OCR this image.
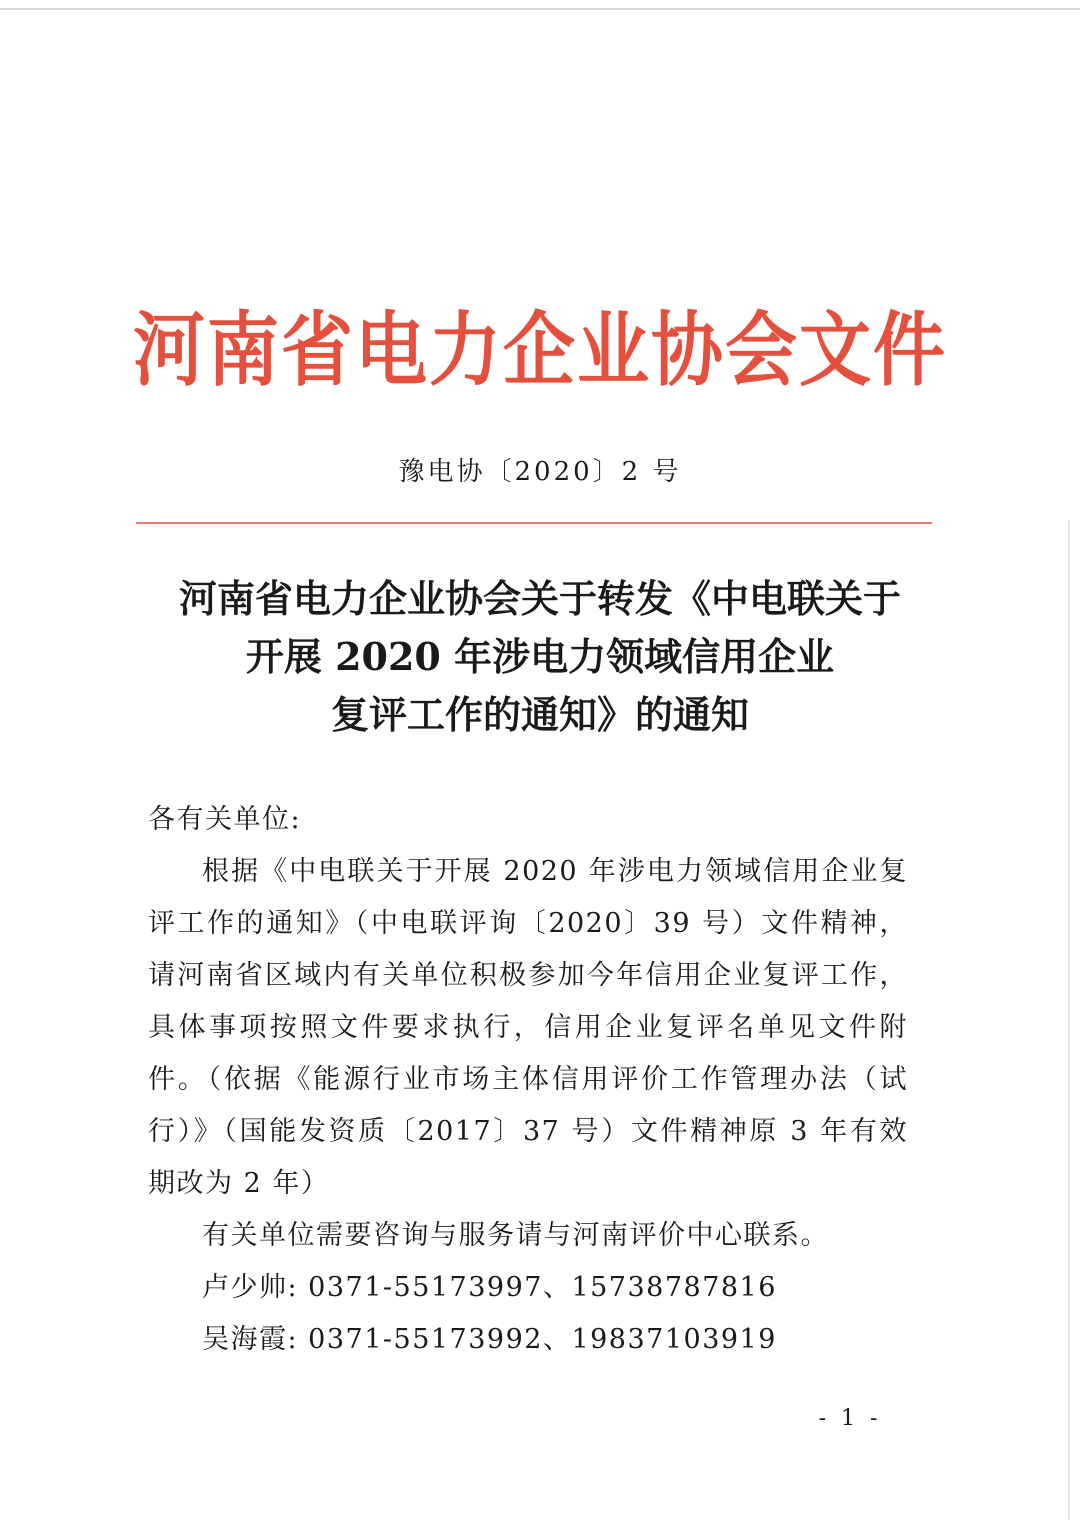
河南省电力企业协会文件
豫电协〔2020〕2 号
河南省电力企业协会关于转发《中电联关于
开展 2020 年涉电力领域信用企业
复评工作的通知》的通知

各有关单位:

根据《中电联关于开展 2020 年涉电力领域信用企业复评工作的通知》（中电联评询〔2020〕39 号）文件精神，请河南省区域内有关单位积极参加今年信用企业复评工作，具体事项按照文件要求执行，信用企业复评名单见文件附件。（依据《能源行业市场主体信用评价工作管理办法（试行）》（国能发资质〔2017〕37 号）文件精神原 3 年有效期改为 2 年）

有关单位需要咨询与服务请与河南评价中心联系。

卢少帅: 0371-55173997、15738787816

吴海霞: 0371-55173992、19837103919

- 1 -
